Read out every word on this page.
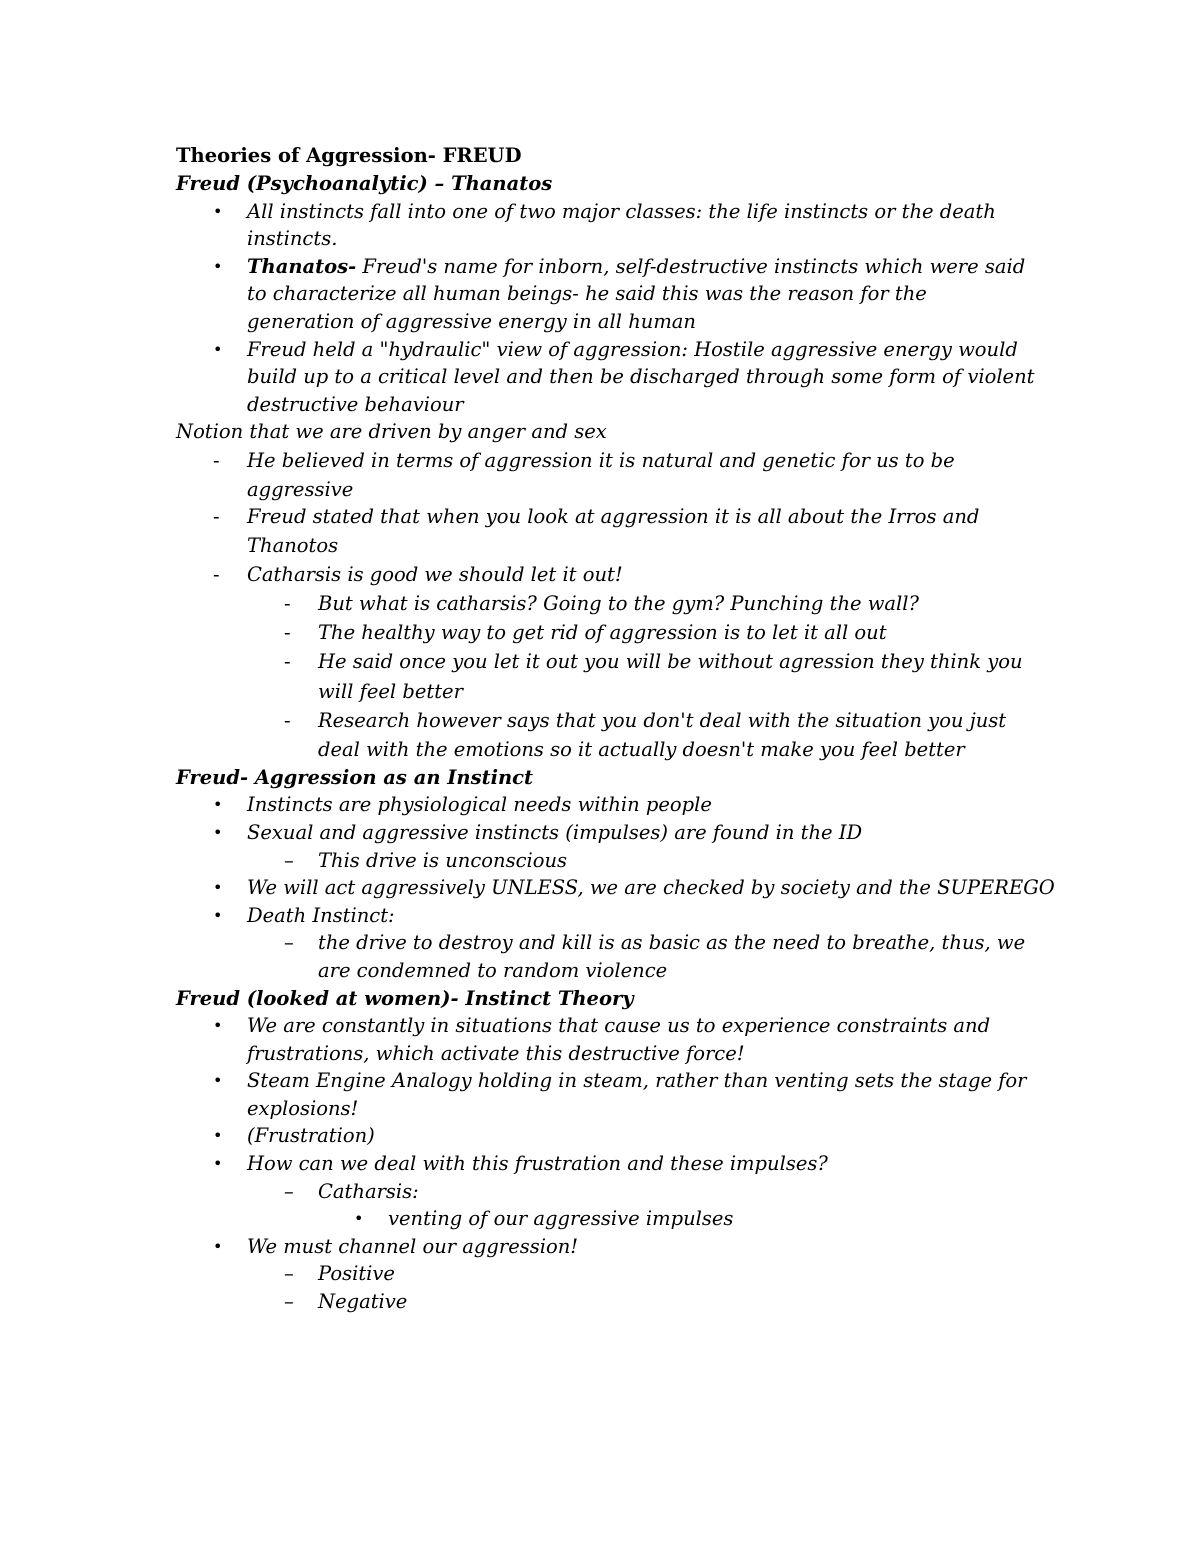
Theories of Aggression- FREUD
Freud (Psychoanalytic) – Thanatos
• All instincts fall into one of two major classes: the life instincts or the death
instincts.
• Thanatos- Freud's name for inborn, self-destructive instincts which were said
to characterize all human beings- he said this was the reason for the
generation of aggressive energy in all human
• Freud held a "hydraulic" view of aggression: Hostile aggressive energy would
build up to a critical level and then be discharged through some form of violent
destructive behaviour
Notion that we are driven by anger and sex
- He believed in terms of aggression it is natural and genetic for us to be
aggressive
- Freud stated that when you look at aggression it is all about the Irros and
Thanotos
- Catharsis is good we should let it out!
- But what is catharsis? Going to the gym? Punching the wall?
- The healthy way to get rid of aggression is to let it all out
- He said once you let it out you will be without agression they think you
will feel better
- Research however says that you don't deal with the situation you just
deal with the emotions so it actually doesn't make you feel better
Freud- Aggression as an Instinct
• Instincts are physiological needs within people
• Sexual and aggressive instincts (impulses) are found in the ID
– This drive is unconscious
• We will act aggressively UNLESS, we are checked by society and the SUPEREGO
• Death Instinct:
– the drive to destroy and kill is as basic as the need to breathe, thus, we
are condemned to random violence
Freud (looked at women)- Instinct Theory
• We are constantly in situations that cause us to experience constraints and
frustrations, which activate this destructive force!
• Steam Engine Analogy holding in steam, rather than venting sets the stage for
explosions!
• (Frustration)
• How can we deal with this frustration and these impulses?
– Catharsis:
• venting of our aggressive impulses
• We must channel our aggression!
– Positive
– Negative
